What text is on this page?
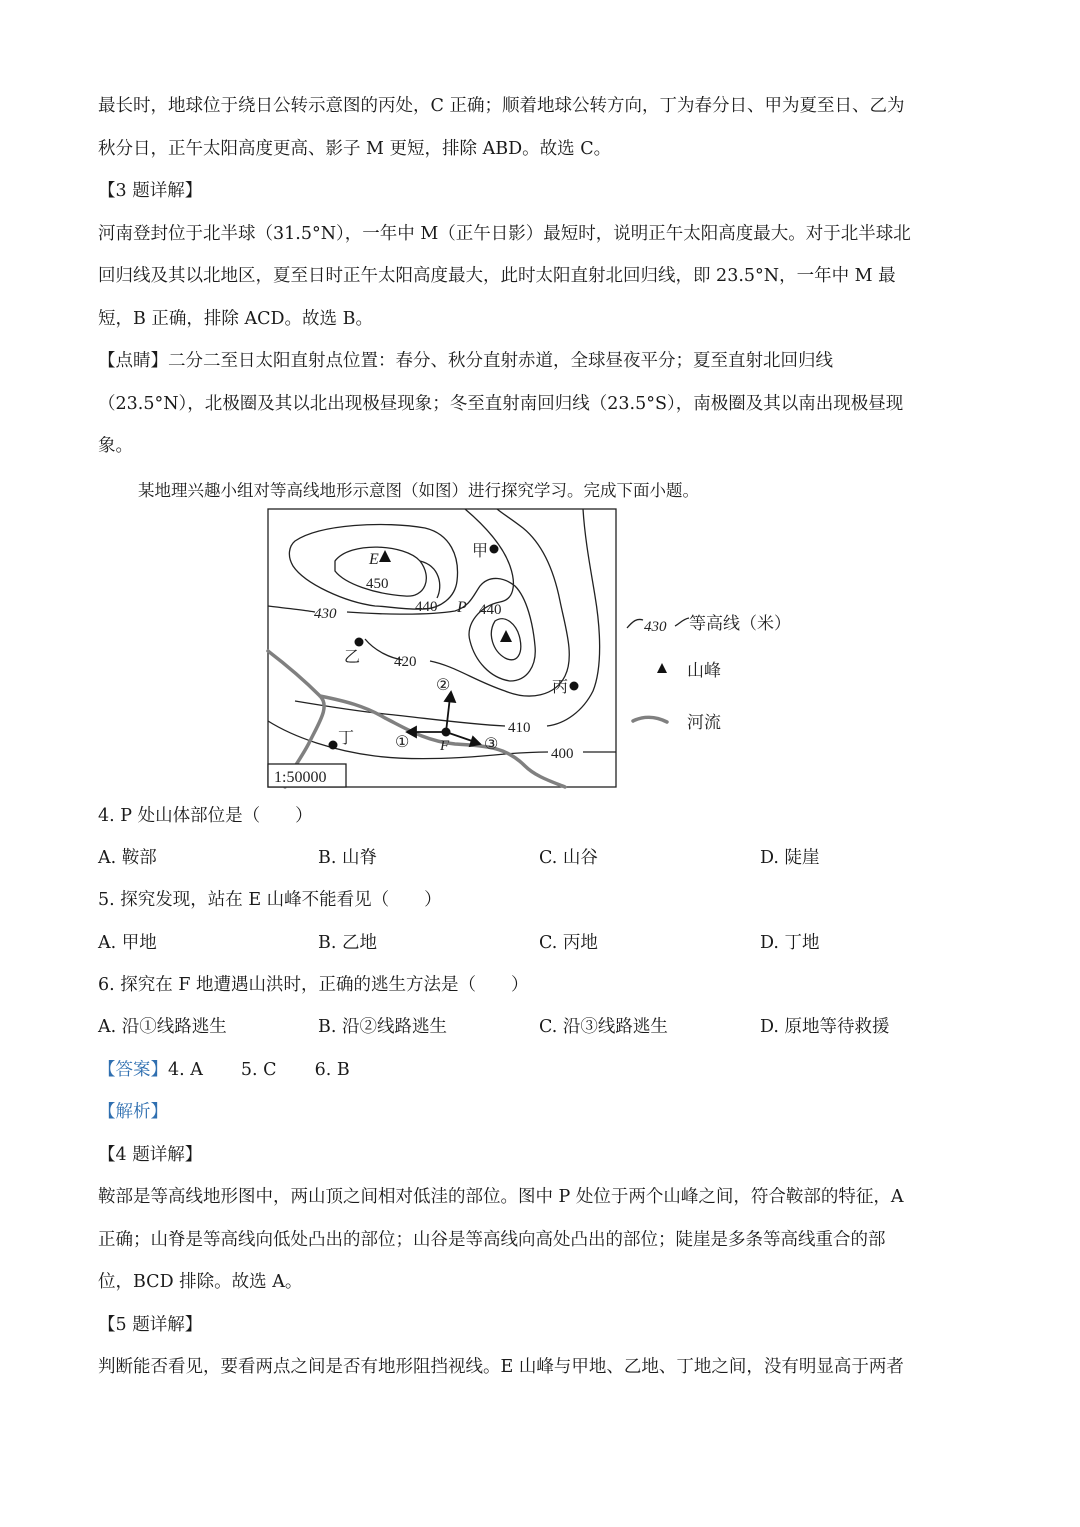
最长时，地球位于绕日公转示意图的丙处，C 正确；顺着地球公转方向，丁为春分日、甲为夏至日、乙为
秋分日，正午太阳高度更高、影子 M 更短，排除 ABD。故选 C。
【3 题详解】
河南登封位于北半球（31.5°N），一年中 M（正午日影）最短时，说明正午太阳高度最大。对于北半球北
回归线及其以北地区，夏至日时正午太阳高度最大，此时太阳直射北回归线，即 23.5°N，一年中 M 最
短，B 正确，排除 ACD。故选 B。
【点睛】二分二至日太阳直射点位置：春分、秋分直射赤道，全球昼夜平分；夏至直射北回归线
（23.5°N），北极圈及其以北出现极昼现象；冬至直射南回归线（23.5°S），南极圈及其以南出现极昼现
象。
某地理兴趣小组对等高线地形示意图（如图）进行探究学习。完成下面小题。
1:50000
甲
乙
丙
丁
E
P
450
440	440
430
420
410
400
F
①
②
③
430 等高线（米）
山峰
河流
4. P 处山体部位是（　　）
A. 鞍部	B. 山脊	C. 山谷	D. 陡崖
5. 探究发现，站在 E 山峰不能看见（　　）
A. 甲地	B. 乙地	C. 丙地	D. 丁地
6. 探究在 F 地遭遇山洪时，正确的逃生方法是（　　）
A. 沿①线路逃生	B. 沿②线路逃生	C. 沿③线路逃生	D. 原地等待救援
【答案】4. A 5. C 6. B
【解析】
【4 题详解】
鞍部是等高线地形图中，两山顶之间相对低洼的部位。图中 P 处位于两个山峰之间，符合鞍部的特征，A
正确；山脊是等高线向低处凸出的部位；山谷是等高线向高处凸出的部位；陡崖是多条等高线重合的部
位，BCD 排除。故选 A。
【5 题详解】
判断能否看见，要看两点之间是否有地形阻挡视线。E 山峰与甲地、乙地、丁地之间，没有明显高于两者
